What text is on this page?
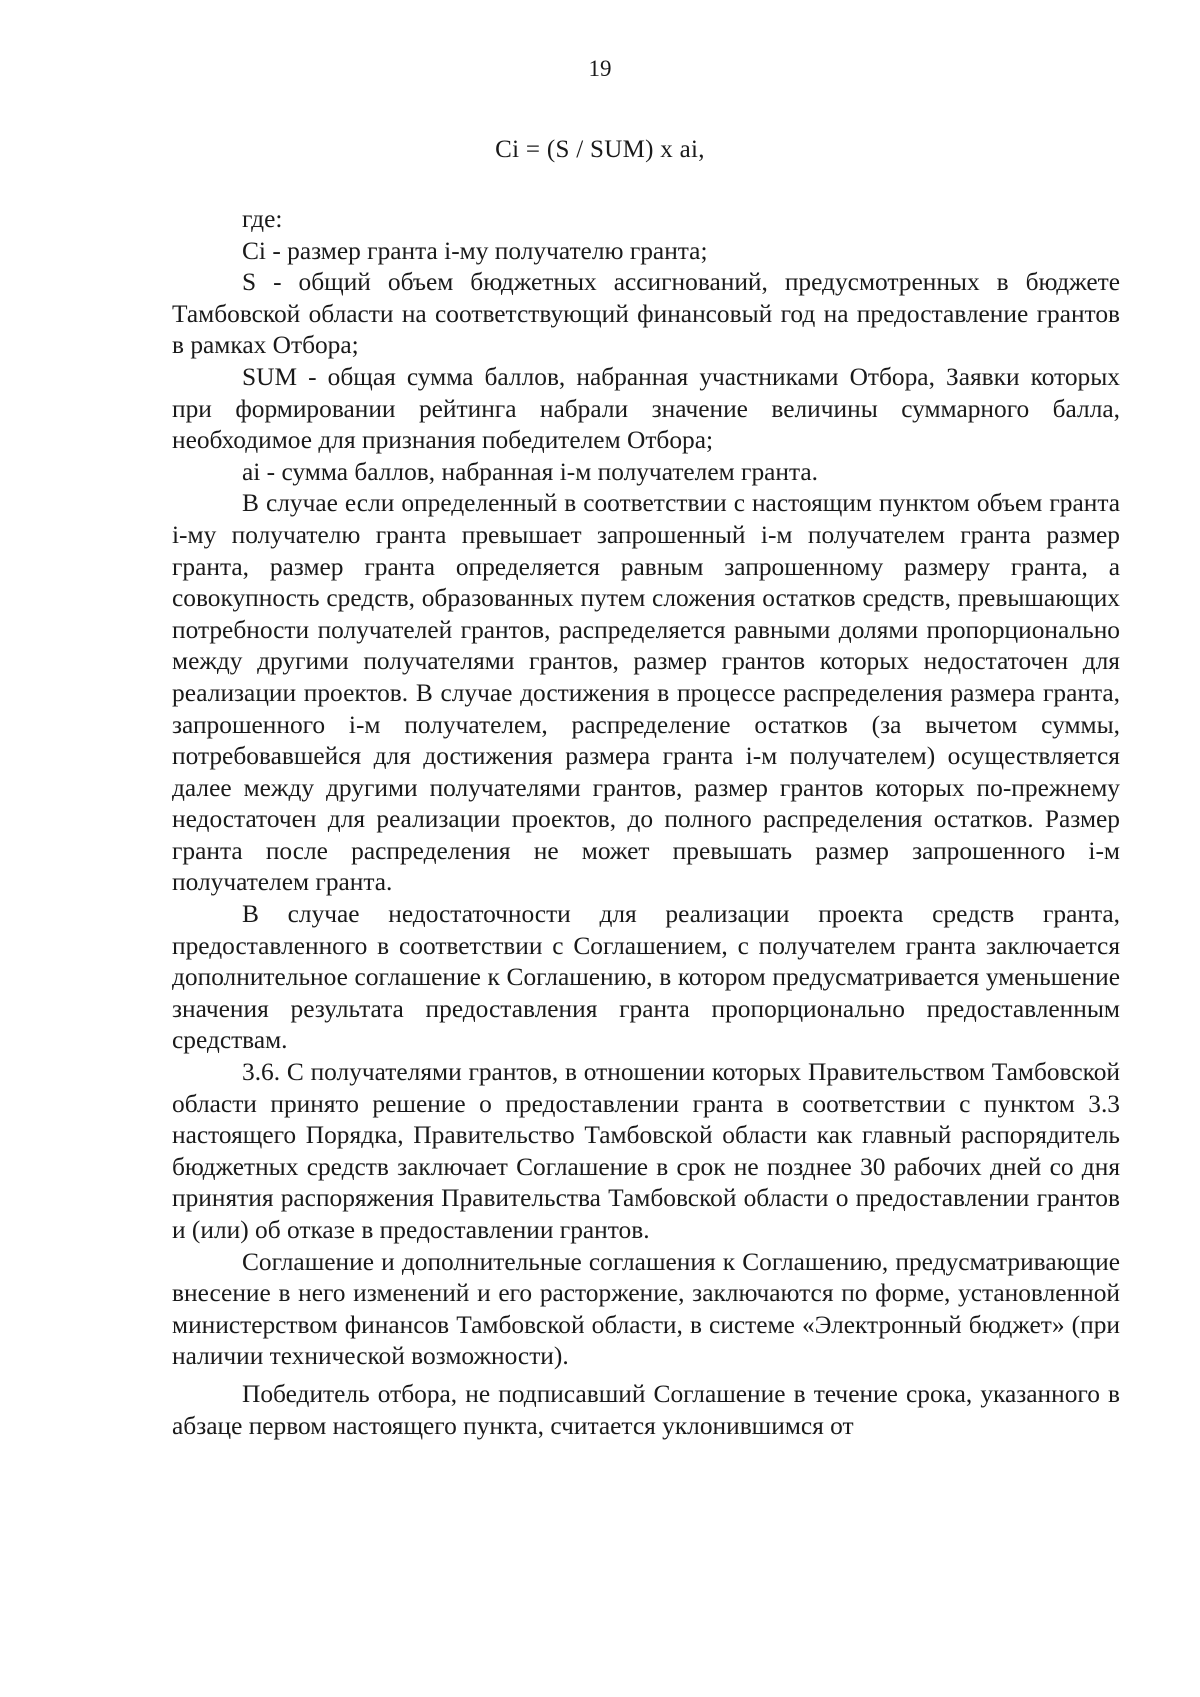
19
Ci = (S / SUM) x ai,

где:

Ci - размер гранта i-му получателю гранта;

S - общий объем бюджетных ассигнований, предусмотренных в бюджете Тамбовской области на соответствующий финансовый год на предоставление грантов в рамках Отбора;

SUM - общая сумма баллов, набранная участниками Отбора, Заявки которых при формировании рейтинга набрали значение величины суммарного балла, необходимое для признания победителем Отбора;

ai - сумма баллов, набранная i-м получателем гранта.

В случае если определенный в соответствии с настоящим пунктом объем гранта i-му получателю гранта превышает запрошенный i-м получателем гранта размер гранта, размер гранта определяется равным запрошенному размеру гранта, а совокупность средств, образованных путем сложения остатков средств, превышающих потребности получателей грантов, распределяется равными долями пропорционально между другими получателями грантов, размер грантов которых недостаточен для реализации проектов. В случае достижения в процессе распределения размера гранта, запрошенного i-м получателем, распределение остатков (за вычетом суммы, потребовавшейся для достижения размера гранта i-м получателем) осуществляется далее между другими получателями грантов, размер грантов которых по-прежнему недостаточен для реализации проектов, до полного распределения остатков. Размер гранта после распределения не может превышать размер запрошенного i-м получателем гранта.

В случае недостаточности для реализации проекта средств гранта, предоставленного в соответствии с Соглашением, с получателем гранта заключается дополнительное соглашение к Соглашению, в котором предусматривается уменьшение значения результата предоставления гранта пропорционально предоставленным средствам.

3.6. С получателями грантов, в отношении которых Правительством Тамбовской области принято решение о предоставлении гранта в соответствии с пунктом 3.3 настоящего Порядка, Правительство Тамбовской области как главный распорядитель бюджетных средств заключает Соглашение в срок не позднее 30 рабочих дней со дня принятия распоряжения Правительства Тамбовской области о предоставлении грантов и (или) об отказе в предоставлении грантов.

Соглашение и дополнительные соглашения к Соглашению, предусматривающие внесение в него изменений и его расторжение, заключаются по форме, установленной министерством финансов Тамбовской области, в системе «Электронный бюджет» (при наличии технической возможности).

Победитель отбора, не подписавший Соглашение в течение срока, указанного в абзаце первом настоящего пункта, считается уклонившимся от
